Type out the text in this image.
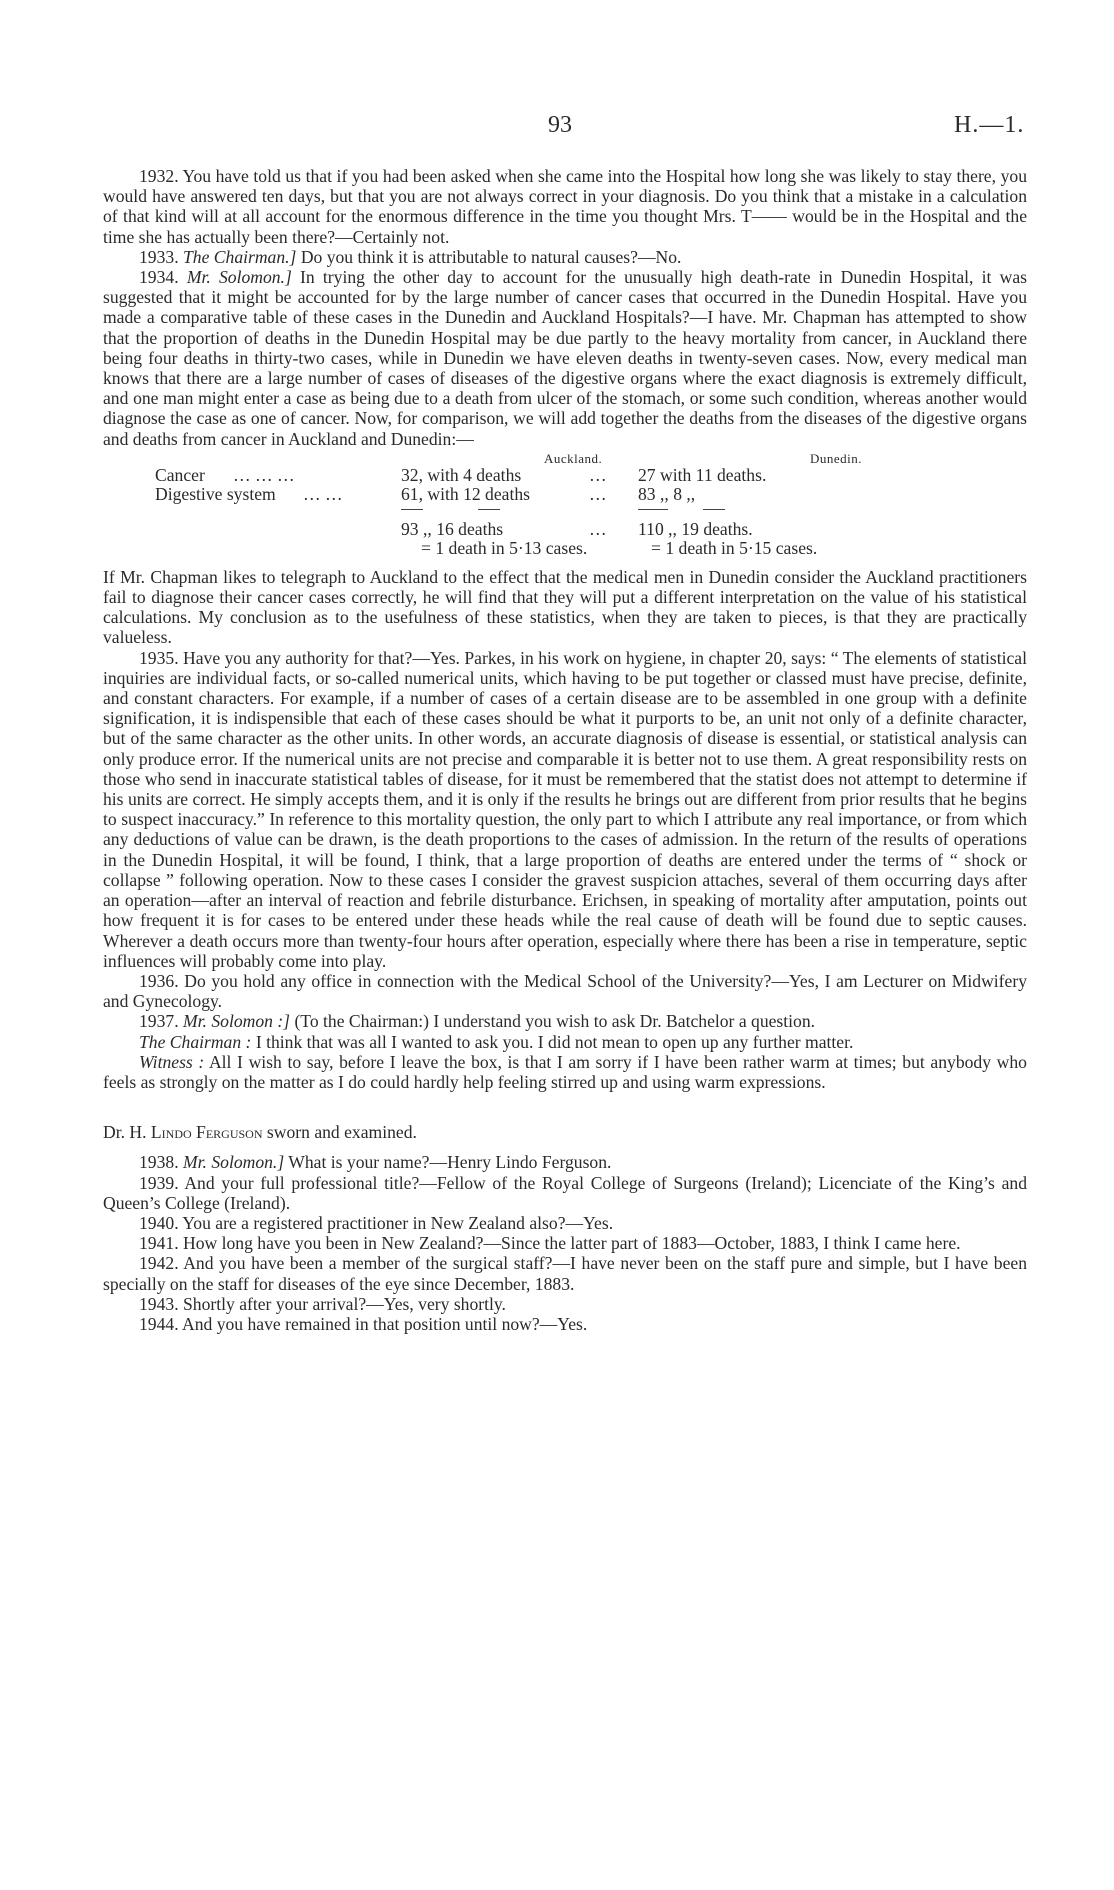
93	H.—1.

1932. You have told us that if you had been asked when she came into the Hospital how long she was likely to stay there, you would have answered ten days, but that you are not always correct in your diagnosis. Do you think that a mistake in a calculation of that kind will at all account for the enormous difference in the time you thought Mrs. T—— would be in the Hospital and the time she has actually been there?—Certainly not.

1933. The Chairman.] Do you think it is attributable to natural causes?—No.

1934. Mr. Solomon.] In trying the other day to account for the unusually high death-rate in Dunedin Hospital, it was suggested that it might be accounted for by the large number of cancer cases that occurred in the Dunedin Hospital. Have you made a comparative table of these cases in the Dunedin and Auckland Hospitals?—I have. Mr. Chapman has attempted to show that the proportion of deaths in the Dunedin Hospital may be due partly to the heavy mortality from cancer, in Auckland there being four deaths in thirty-two cases, while in Dunedin we have eleven deaths in twenty-seven cases. Now, every medical man knows that there are a large number of cases of diseases of the digestive organs where the exact diagnosis is extremely difficult, and one man might enter a case as being due to a death from ulcer of the stomach, or some such condition, whereas another would diagnose the case as one of cancer. Now, for comparison, we will add together the deaths from the diseases of the digestive organs and deaths from cancer in Auckland and Dunedin:—

Auckland.	Dunedin.
Cancer … … …	32, with 4 deaths	… 27 with 11 deaths.
Digestive system … …	61, with 12 deaths	… 83 ,, 8 ,,
93 ,, 16 deaths	… 110 ,, 19 deaths.
= 1 death in 5·13 cases.	= 1 death in 5·15 cases.

If Mr. Chapman likes to telegraph to Auckland to the effect that the medical men in Dunedin consider the Auckland practitioners fail to diagnose their cancer cases correctly, he will find that they will put a different interpretation on the value of his statistical calculations. My conclusion as to the usefulness of these statistics, when they are taken to pieces, is that they are practically valueless.

1935. Have you any authority for that?—Yes. Parkes, in his work on hygiene, in chapter 20, says: “ The elements of statistical inquiries are individual facts, or so-called numerical units, which having to be put together or classed must have precise, definite, and constant characters. For example, if a number of cases of a certain disease are to be assembled in one group with a definite signification, it is indispensible that each of these cases should be what it purports to be, an unit not only of a definite character, but of the same character as the other units. In other words, an accurate diagnosis of disease is essential, or statistical analysis can only produce error. If the numerical units are not precise and comparable it is better not to use them. A great responsibility rests on those who send in inaccurate statistical tables of disease, for it must be remembered that the statist does not attempt to determine if his units are correct. He simply accepts them, and it is only if the results he brings out are different from prior results that he begins to suspect inaccuracy.” In reference to this mortality question, the only part to which I attribute any real importance, or from which any deductions of value can be drawn, is the death proportions to the cases of admission. In the return of the results of operations in the Dunedin Hospital, it will be found, I think, that a large proportion of deaths are entered under the terms of “ shock or collapse ” following operation. Now to these cases I consider the gravest suspicion attaches, several of them occurring days after an operation—after an interval of reaction and febrile disturbance. Erichsen, in speaking of mortality after amputation, points out how frequent it is for cases to be entered under these heads while the real cause of death will be found due to septic causes. Wherever a death occurs more than twenty-four hours after operation, especially where there has been a rise in temperature, septic influences will probably come into play.

1936. Do you hold any office in connection with the Medical School of the University?—Yes, I am Lecturer on Midwifery and Gynecology.

1937. Mr. Solomon :] (To the Chairman:) I understand you wish to ask Dr. Batchelor a question.

The Chairman : I think that was all I wanted to ask you. I did not mean to open up any further matter.

Witness : All I wish to say, before I leave the box, is that I am sorry if I have been rather warm at times; but anybody who feels as strongly on the matter as I do could hardly help feeling stirred up and using warm expressions.

Dr. H. Lindo Ferguson sworn and examined.

1938. Mr. Solomon.] What is your name?—Henry Lindo Ferguson.

1939. And your full professional title?—Fellow of the Royal College of Surgeons (Ireland); Licenciate of the King’s and Queen’s College (Ireland).

1940. You are a registered practitioner in New Zealand also?—Yes.

1941. How long have you been in New Zealand?—Since the latter part of 1883—October, 1883, I think I came here.

1942. And you have been a member of the surgical staff?—I have never been on the staff pure and simple, but I have been specially on the staff for diseases of the eye since December, 1883.

1943. Shortly after your arrival?—Yes, very shortly.

1944. And you have remained in that position until now?—Yes.
